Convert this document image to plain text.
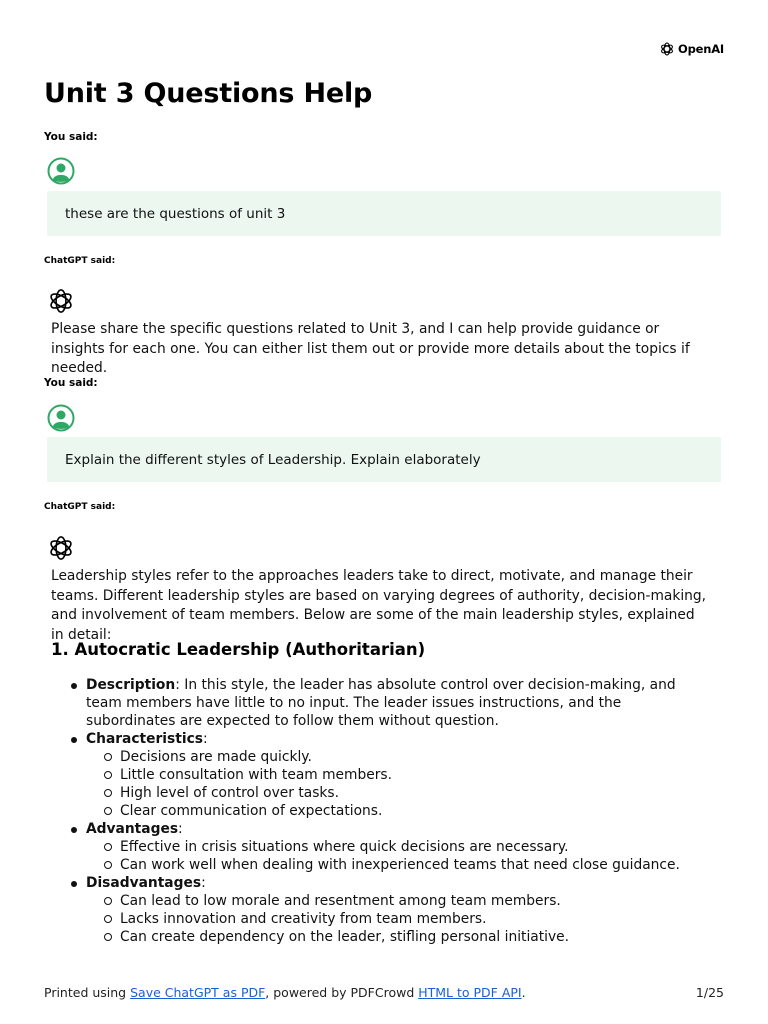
OpenAI
Unit 3 Questions Help
You said:
these are the questions of unit 3
ChatGPT said:

Please share the specific questions related to Unit 3, and I can help provide guidance or insights for each one. You can either list them out or provide more details about the topics if needed.

You said:
Explain the different styles of Leadership. Explain elaborately
ChatGPT said:

Leadership styles refer to the approaches leaders take to direct, motivate, and manage their teams. Different leadership styles are based on varying degrees of authority, decision-making, and involvement of team members. Below are some of the main leadership styles, explained in detail:

1. Autocratic Leadership (Authoritarian)
Description: In this style, the leader has absolute control over decision-making, and team members have little to no input. The leader issues instructions, and the subordinates are expected to follow them without question.
Characteristics:
Decisions are made quickly.
Little consultation with team members.
High level of control over tasks.
Clear communication of expectations.
Advantages:
Effective in crisis situations where quick decisions are necessary.
Can work well when dealing with inexperienced teams that need close guidance.
Disadvantages:
Can lead to low morale and resentment among team members.
Lacks innovation and creativity from team members.
Can create dependency on the leader, stifling personal initiative.
Printed using Save ChatGPT as PDF, powered by PDFCrowd HTML to PDF API.	1/25
